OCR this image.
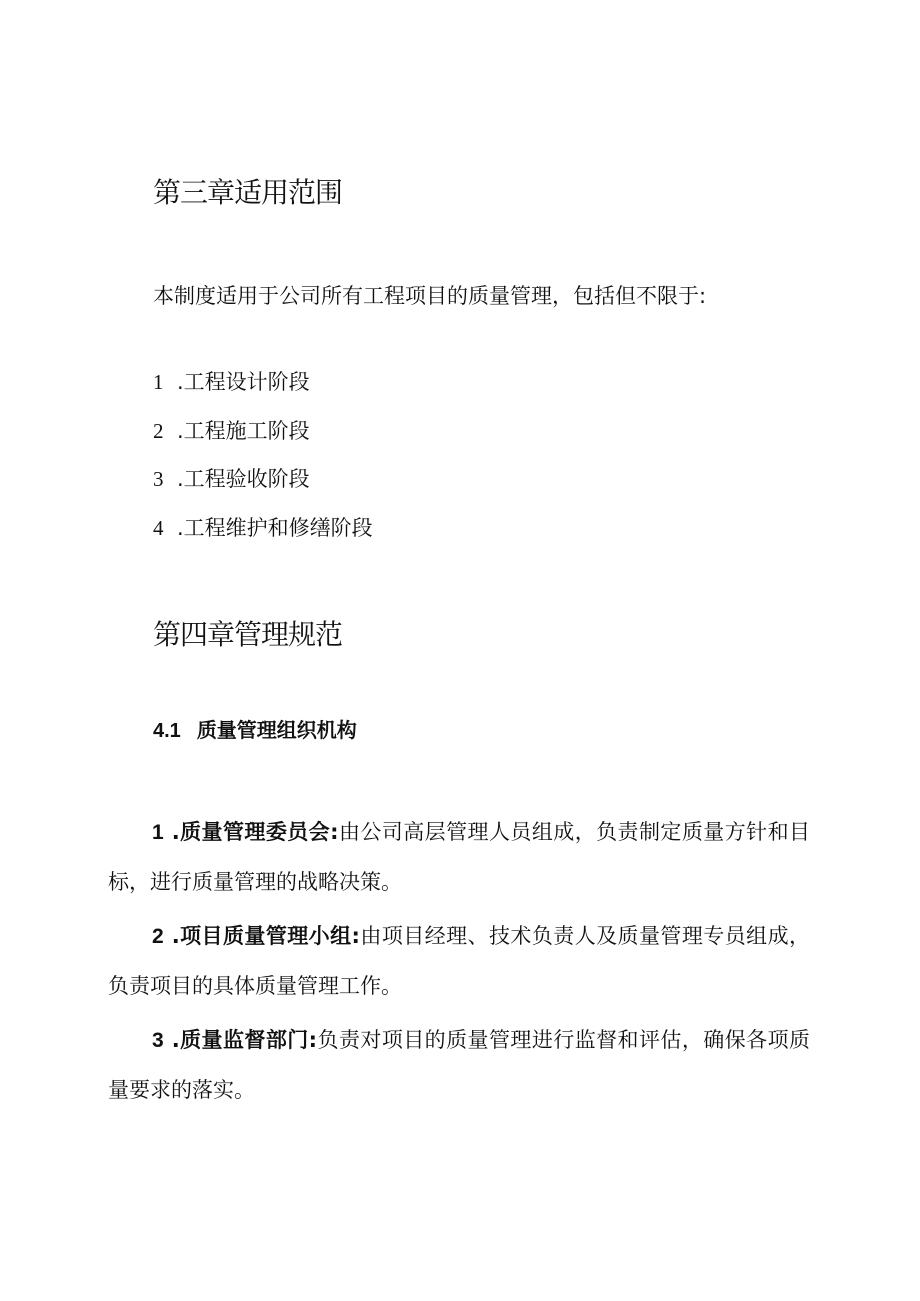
第三章适用范围

本制度适用于公司所有工程项目的质量管理，包括但不限于:

1 .工程设计阶段
2 .工程施工阶段
3 .工程验收阶段
4 .工程维护和修缮阶段
第四章管理规范
4.1 质量管理组织机构

1 .质量管理委员会:由公司高层管理人员组成，负责制定质量方针和目标，进行质量管理的战略决策。

2 .项目质量管理小组:由项目经理、技术负责人及质量管理专员组成，负责项目的具体质量管理工作。

3 .质量监督部门:负责对项目的质量管理进行监督和评估，确保各项质量要求的落实。
